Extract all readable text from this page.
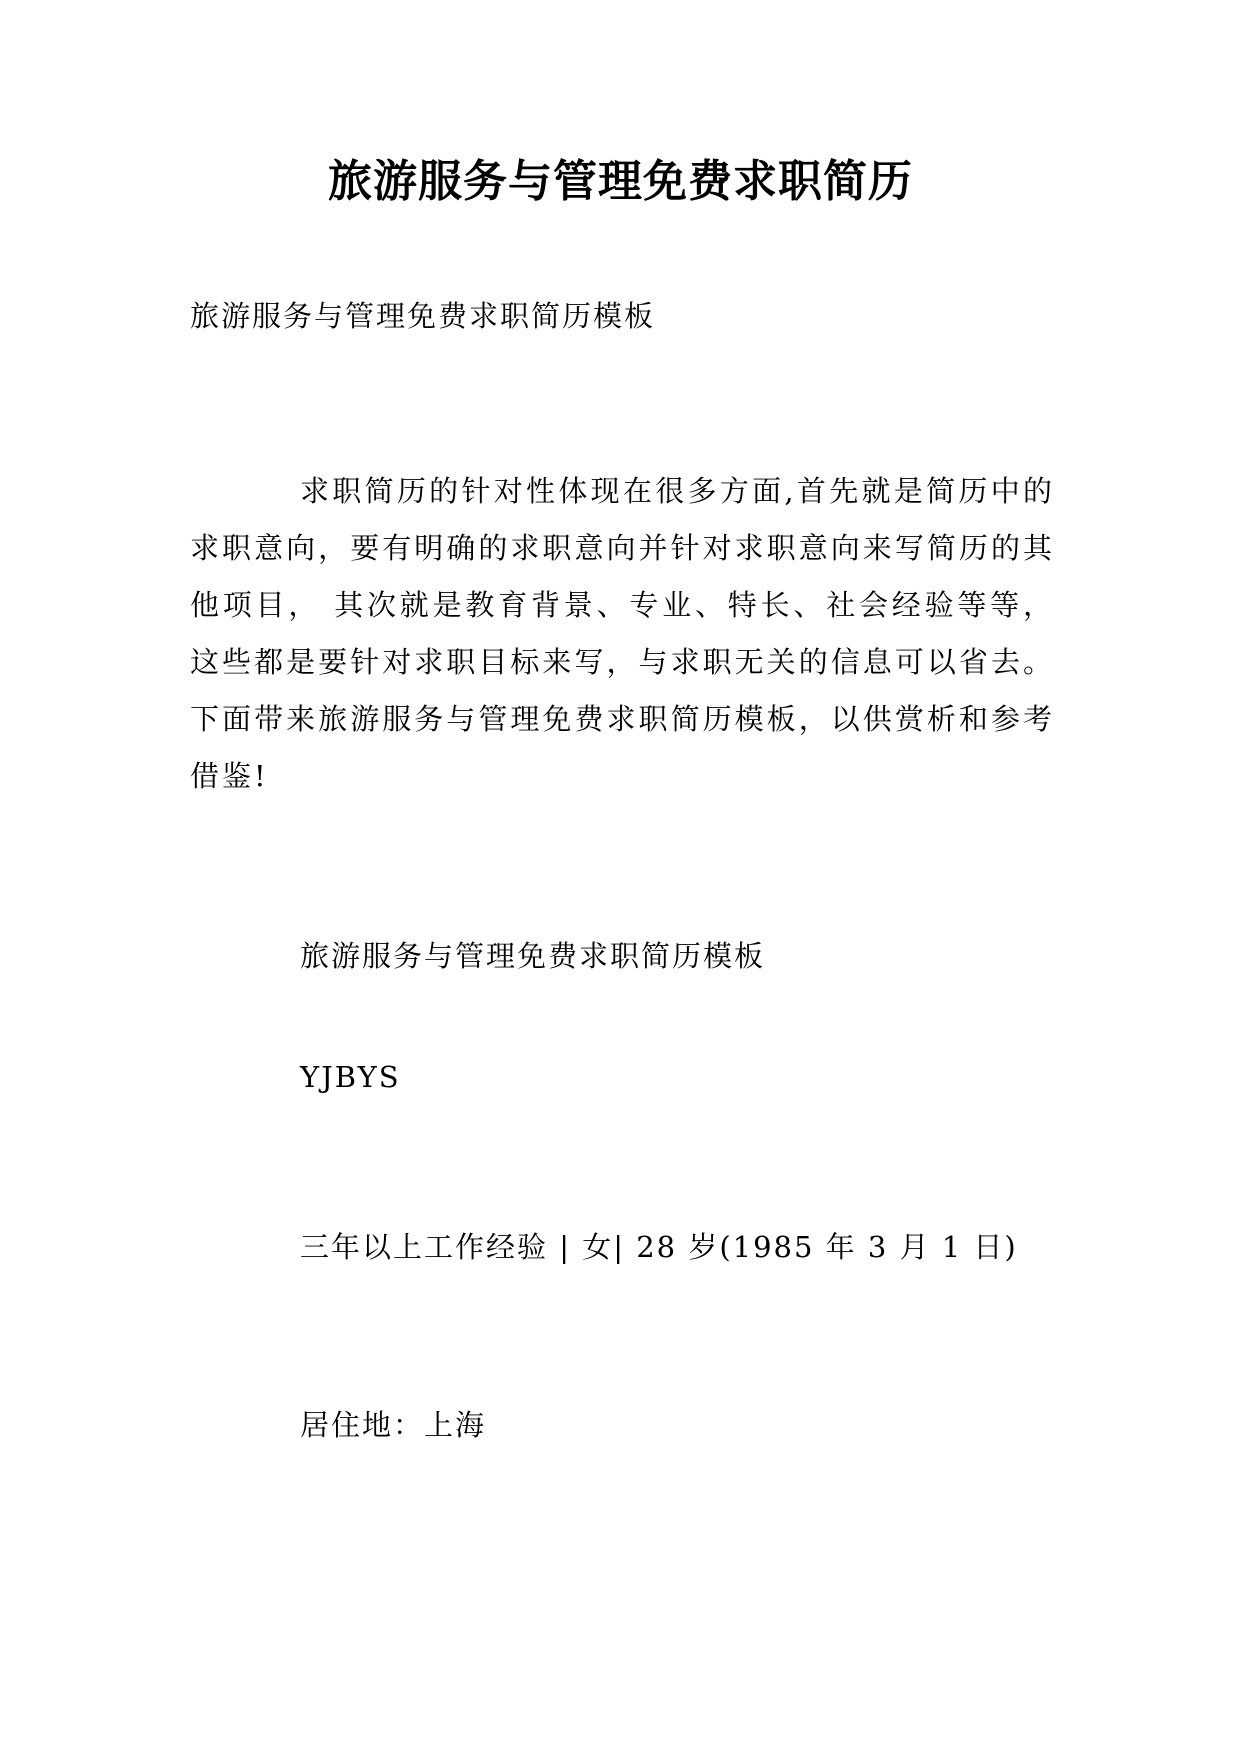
旅游服务与管理免费求职简历
旅游服务与管理免费求职简历模板

求职简历的针对性体现在很多方面,首先就是简历中的求职意向，要有明确的求职意向并针对求职意向来写简历的其他项目， 其次就是教育背景、专业、特长、社会经验等等，这些都是要针对求职目标来写，与求职无关的信息可以省去。下面带来旅游服务与管理免费求职简历模板，以供赏析和参考借鉴!

旅游服务与管理免费求职简历模板
YJBYS
三年以上工作经验 | 女| 28 岁(1985 年 3 月 1 日)
居住地：上海
